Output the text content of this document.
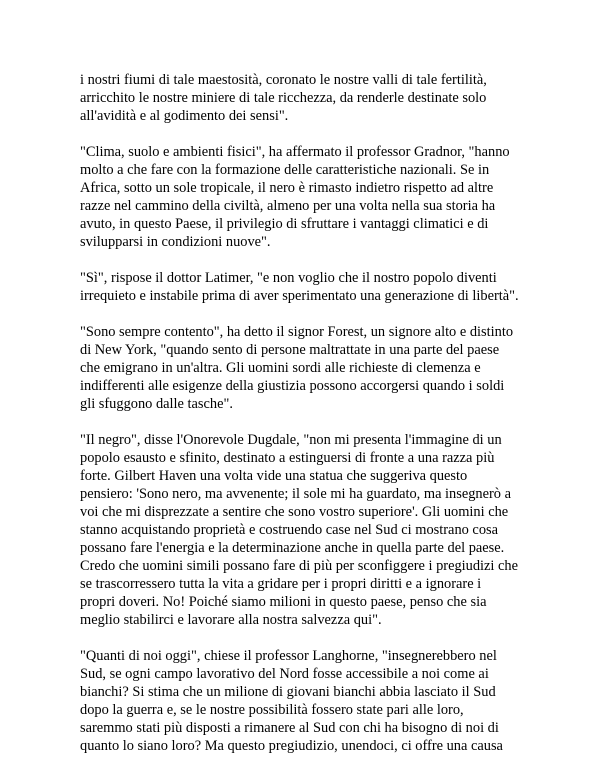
i nostri fiumi di tale maestosità, coronato le nostre valli di tale fertilità,
arricchito le nostre miniere di tale ricchezza, da renderle destinate solo
all'avidità e al godimento dei sensi".

"Clima, suolo e ambienti fisici", ha affermato il professor Gradnor, "hanno
molto a che fare con la formazione delle caratteristiche nazionali. Se in
Africa, sotto un sole tropicale, il nero è rimasto indietro rispetto ad altre
razze nel cammino della civiltà, almeno per una volta nella sua storia ha
avuto, in questo Paese, il privilegio di sfruttare i vantaggi climatici e di
svilupparsi in condizioni nuove".

"Sì", rispose il dottor Latimer, "e non voglio che il nostro popolo diventi
irrequieto e instabile prima di aver sperimentato una generazione di libertà".

"Sono sempre contento", ha detto il signor Forest, un signore alto e distinto
di New York, "quando sento di persone maltrattate in una parte del paese
che emigrano in un'altra. Gli uomini sordi alle richieste di clemenza e
indifferenti alle esigenze della giustizia possono accorgersi quando i soldi
gli sfuggono dalle tasche".

"Il negro", disse l'Onorevole Dugdale, "non mi presenta l'immagine di un
popolo esausto e sfinito, destinato a estinguersi di fronte a una razza più
forte. Gilbert Haven una volta vide una statua che suggeriva questo
pensiero: 'Sono nero, ma avvenente; il sole mi ha guardato, ma insegnerò a
voi che mi disprezzate a sentire che sono vostro superiore'. Gli uomini che
stanno acquistando proprietà e costruendo case nel Sud ci mostrano cosa
possano fare l'energia e la determinazione anche in quella parte del paese.
Credo che uomini simili possano fare di più per sconfiggere i pregiudizi che
se trascorressero tutta la vita a gridare per i propri diritti e a ignorare i
propri doveri. No! Poiché siamo milioni in questo paese, penso che sia
meglio stabilirci e lavorare alla nostra salvezza qui".

"Quanti di noi oggi", chiese il professor Langhorne, "insegnerebbero nel
Sud, se ogni campo lavorativo del Nord fosse accessibile a noi come ai
bianchi? Si stima che un milione di giovani bianchi abbia lasciato il Sud
dopo la guerra e, se le nostre possibilità fossero state pari alle loro,
saremmo stati più disposti a rimanere al Sud con chi ha bisogno di noi di
quanto lo siano loro? Ma questo pregiudizio, unendoci, ci offre una causa
